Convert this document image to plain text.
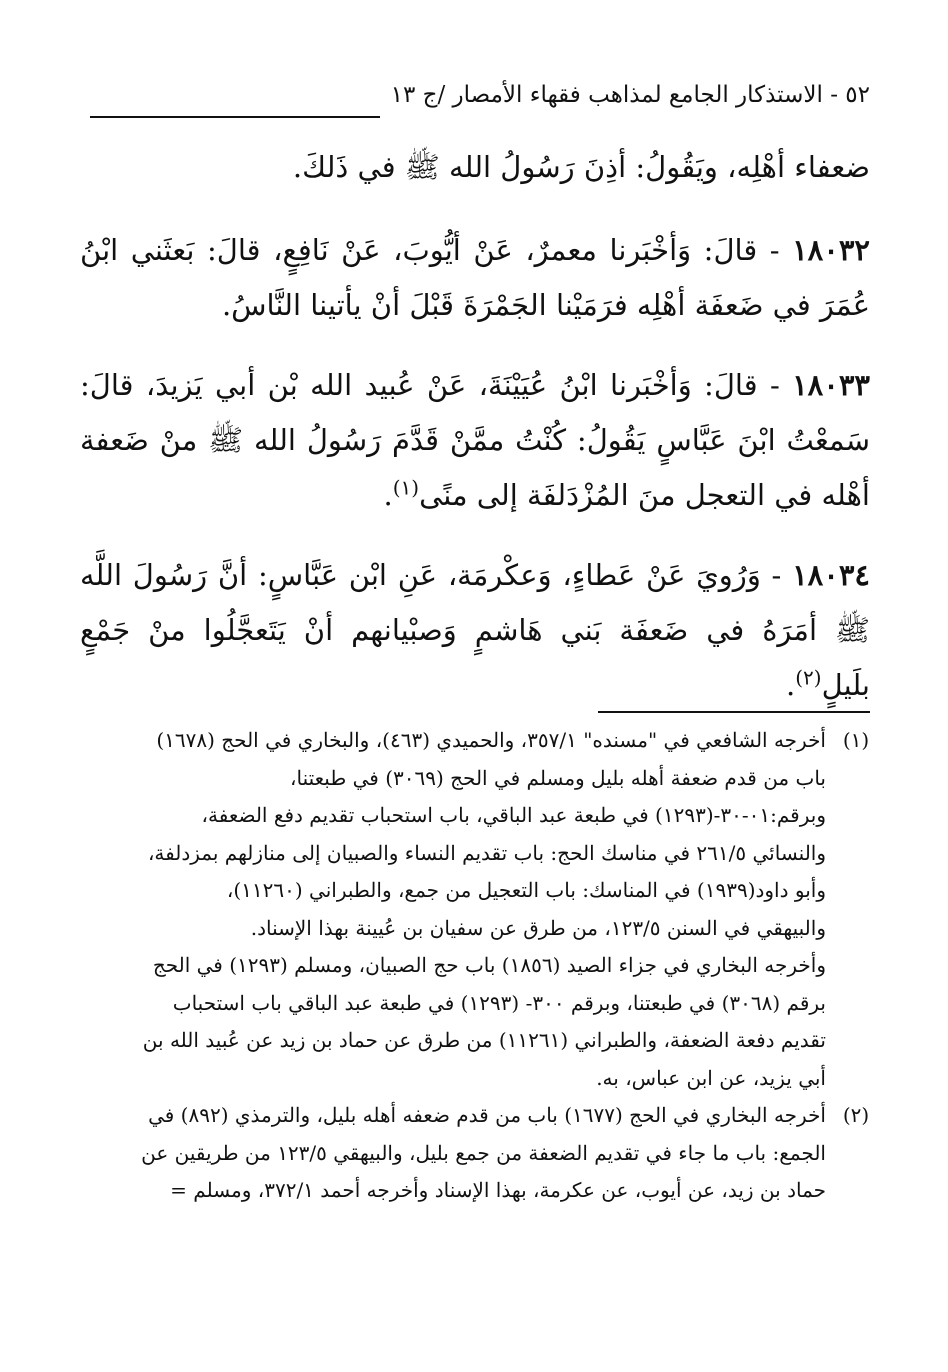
٥٢ - الاستذكار الجامع لمذاهب فقهاء الأمصار /ج ١٣

ضعفاء أهْلِه، ويَقُولُ: أذِنَ رَسُولُ الله ﷺ في ذَلكَ.

١٨٠٣٢ - قالَ: وَأخْبَرنا معمرٌ، عَنْ أيُّوبَ، عَنْ نَافِعٍ، قالَ: بَعثَني ابْنُ عُمَرَ في ضَعفَة أهْلِه فرَمَيْنا الجَمْرَةَ قَبْلَ أنْ يأتينا النَّاسُ.

١٨٠٣٣ - قالَ: وَأخْبَرنا ابْنُ عُيَيْنَةَ، عَنْ عُبيد الله بْن أبي يَزيدَ، قالَ: سَمعْتُ ابْنَ عَبَّاسٍ يَقُولُ: كُنْتُ ممَّنْ قَدَّمَ رَسُولُ الله ﷺ منْ ضَعفة أهْله في التعجل منَ المُزْدَلفَة إلى منًى$^{(١)}$.

١٨٠٣٤ - وَرُويَ عَنْ عَطاءٍ، وَعكْرمَة، عَنِ ابْن عَبَّاسٍ: أنَّ رَسُولَ اللَّه ﷺ أمَرَهُ في ضَعفَة بَني هَاشمٍ وَصبْيانهم أنْ يَتَعجَّلُوا منْ جَمْعٍ بلَيلٍ$^{(٢)}$.

(١)
أخرجه الشافعي في "مسنده" ٣٥٧/١، والحميدي (٤٦٣)، والبخاري في الحج (١٦٧٨)
باب من قدم ضعفة أهله بليل ومسلم في الحج (٣٠٦٩) في طبعتنا،
وبرقم:٠١-٣٠-(١٢٩٣) في طبعة عبد الباقي، باب استحباب تقديم دفع الضعفة،
والنسائي ٢٦١/٥ في مناسك الحج: باب تقديم النساء والصبيان إلى منازلهم بمزدلفة،
وأبو داود(١٩٣٩) في المناسك: باب التعجيل من جمع، والطبراني (١١٢٦٠)،
والبيهقي في السنن ١٢٣/٥، من طرق عن سفيان بن عُيينة بهذا الإسناد.
وأخرجه البخاري في جزاء الصيد (١٨٥٦) باب حج الصبيان، ومسلم (١٢٩٣) في الحج
برقم (٣٠٦٨) في طبعتنا، وبرقم ٣٠٠- (١٢٩٣) في طبعة عبد الباقي باب استحباب
تقديم دفعة الضعفة، والطبراني (١١٢٦١) من طرق عن حماد بن زيد عن عُبيد الله بن
أبي يزيد، عن ابن عباس، به.
(٢)
أخرجه البخاري في الحج (١٦٧٧) باب من قدم ضعفه أهله بليل، والترمذي (٨٩٢) في
الجمع: باب ما جاء في تقديم الضعفة من جمع بليل، والبيهقي ١٢٣/٥ من طريقين عن
حماد بن زيد، عن أيوب، عن عكرمة، بهذا الإسناد وأخرجه أحمد ٣٧٢/١، ومسلم =
